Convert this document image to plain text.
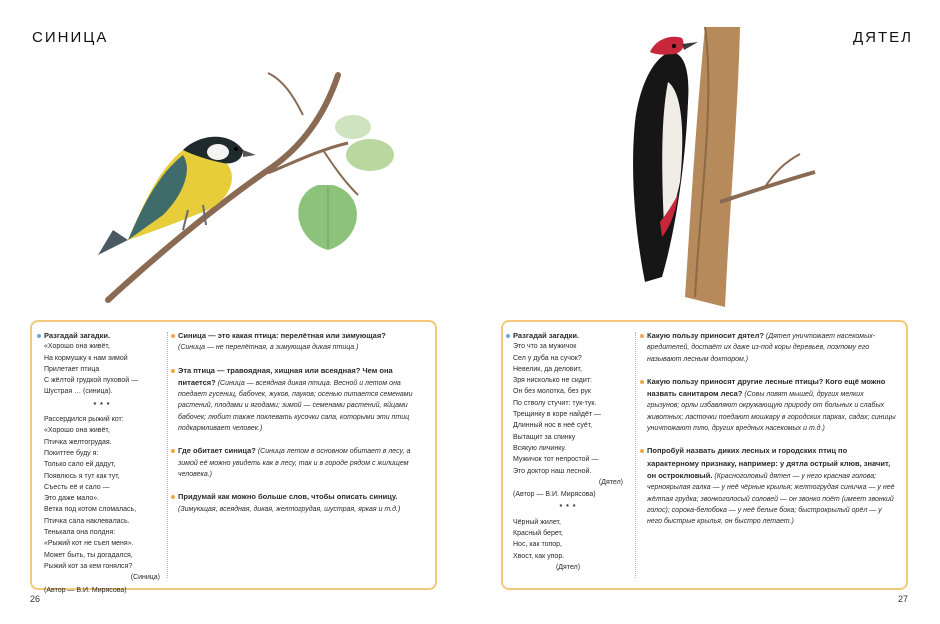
СИНИЦА	ДЯТЕЛ
Разгадай загадки.
«Хорошо она живёт,
На кормушку к нам зимой
Прилетает птица
С жёлтой грудкой пуховой —
Шустрая … (синица).
* * *
Рассердился рыжий кот:
«Хорошо она живёт,
Птичка желтогрудая.
Покиттее буду я:
Только сало ей дадут,
Появлюсь я тут как тут,
Съесть её и сало —
Это даже мало».
Ветка под котом сломалась,
Птичка сала наклевалась.
Тенькала она полдня:
«Рыжий кот не съел меня».
Может быть, ты догадался,
Рыжий кот за кем гонялся?
(Синица)
(Автор — В.И. Мирясова)
Синица — это какая птица: перелётная или зимующая?
(Синица — не перелётная, а зимующая дикая птица.)
Эта птица — травоядная, хищная или всеядная? Чем она питается? (Синица — всеядная дикая птица. Весной и летом она поедает гусениц, бабочек, жуков, пауков; осенью питается семенами растений, плодами и ягодами; зимой — семенами растений, яйцами бабочек; любит также поклевать кусочки сала, которыми эти птиц подкармливает человек.)
Где обитает синица? (Синица летом в основном обитает в лесу, а зимой её можно увидеть как в лесу, так и в городе рядом с жилищем человека.)
Придумай как можно больше слов, чтобы описать синицу.
(Зимующая, всеядная, дикая, желтогрудая, шустрая, яркая и т.д.)
Разгадай загадки.
Это что за мужичок
Сел у дуба на сучок?
Невелик, да деловит,
Зря нисколько не сидит:
Он без молотка, без рук
По стволу стучит: тук-тук.
Трещинку в коре найдёт —
Длинный нос в неё суёт,
Вытащит за спинку
Всякую личинку.
Мужичок тот непростой —
Это доктор наш лесной.
(Дятел)
(Автор — В.И. Мирясова)
* * *
Чёрный жилет,
Красный берет,
Нос, как топор,
Хвост, как упор.
(Дятел)
Какую пользу приносит дятел? (Дятел уничтожает насекомых-вредителей, достаёт их даже из-под коры деревьев, поэтому его называют лесным доктором.)
Какую пользу приносят другие лесные птицы? Кого ещё можно назвать санитаром леса? (Совы ловят мышей, других мелких грызунов; орлы избавляют окружающую природу от больных и слабых животных; ласточки поедают мошкару в городских парках, садах; синицы уничтожают тлю, других вредных насекомых и т.д.)
Попробуй назвать диких лесных и городских птиц по характерному признаку, например: у дятла острый клюв, значит, он остроклювый. (Красноголовый дятел — у него красная голова; черноярылая галка — у неё чёрные крылья; желтогрудая синичка — у неё жёлтая грудка; звонкоголосый соловей — он звонко поёт (имеет звонкий голос); сорока-белобока — у неё белые бока; быстрокрылый орёл — у него быстрые крылья, он быстро летает.)
26	27
